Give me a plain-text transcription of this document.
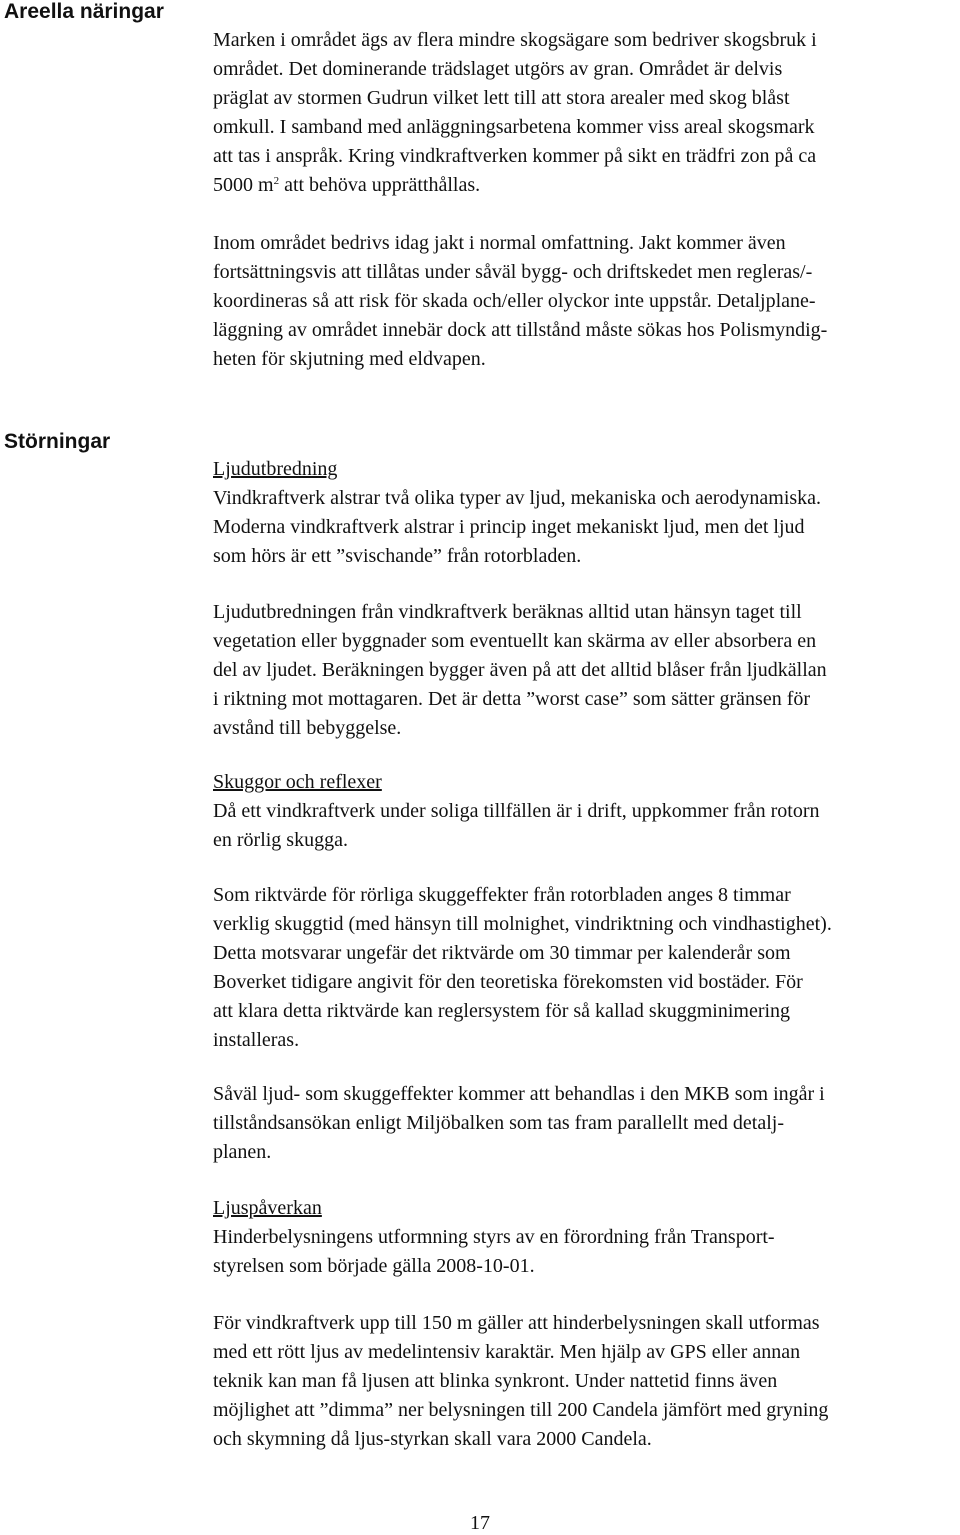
Areella näringar

Marken i området ägs av flera mindre skogsägare som bedriver skogsbruk i

området. Det dominerande trädslaget utgörs av gran. Området är delvis

präglat av stormen Gudrun vilket lett till att stora arealer med skog blåst

omkull. I samband med anläggningsarbetena kommer viss areal skogsmark

att tas i anspråk. Kring vindkraftverken kommer på sikt en trädfri zon på ca

5000 $m^2$ att behöva upprätthållas.

Inom området bedrivs idag jakt i normal omfattning. Jakt kommer även

fortsättningsvis att tillåtas under såväl bygg- och driftskedet men regleras/-

koordineras så att risk för skada och/eller olyckor inte uppstår. Detaljplane-

läggning av området innebär dock att tillstånd måste sökas hos Polismyndig-

heten för skjutning med eldvapen.

Störningar

Ljudutbredning

Vindkraftverk alstrar två olika typer av ljud, mekaniska och aerodynamiska.

Moderna vindkraftverk alstrar i princip inget mekaniskt ljud, men det ljud

som hörs är ett ”svischande” från rotorbladen.

Ljudutbredningen från vindkraftverk beräknas alltid utan hänsyn taget till

vegetation eller byggnader som eventuellt kan skärma av eller absorbera en

del av ljudet. Beräkningen bygger även på att det alltid blåser från ljudkällan

i riktning mot mottagaren. Det är detta ”worst case” som sätter gränsen för

avstånd till bebyggelse.

Skuggor och reflexer

Då ett vindkraftverk under soliga tillfällen är i drift, uppkommer från rotorn

en rörlig skugga.

Som riktvärde för rörliga skuggeffekter från rotorbladen anges 8 timmar

verklig skuggtid (med hänsyn till molnighet, vindriktning och vindhastighet).

Detta motsvarar ungefär det riktvärde om 30 timmar per kalenderår som

Boverket tidigare angivit för den teoretiska förekomsten vid bostäder. För

att klara detta riktvärde kan reglersystem för så kallad skuggminimering

installeras.

Såväl ljud- som skuggeffekter kommer att behandlas i den MKB som ingår i

tillståndsansökan enligt Miljöbalken som tas fram parallellt med detalj-

planen.

Ljuspåverkan

Hinderbelysningens utformning styrs av en förordning från Transport-

styrelsen som började gälla 2008-10-01.

För vindkraftverk upp till 150 m gäller att hinderbelysningen skall utformas

med ett rött ljus av medelintensiv karaktär. Men hjälp av GPS eller annan

teknik kan man få ljusen att blinka synkront. Under nattetid finns även

möjlighet att ”dimma” ner belysningen till 200 Candela jämfört med gryning

och skymning då ljus-styrkan skall vara 2000 Candela.

17
